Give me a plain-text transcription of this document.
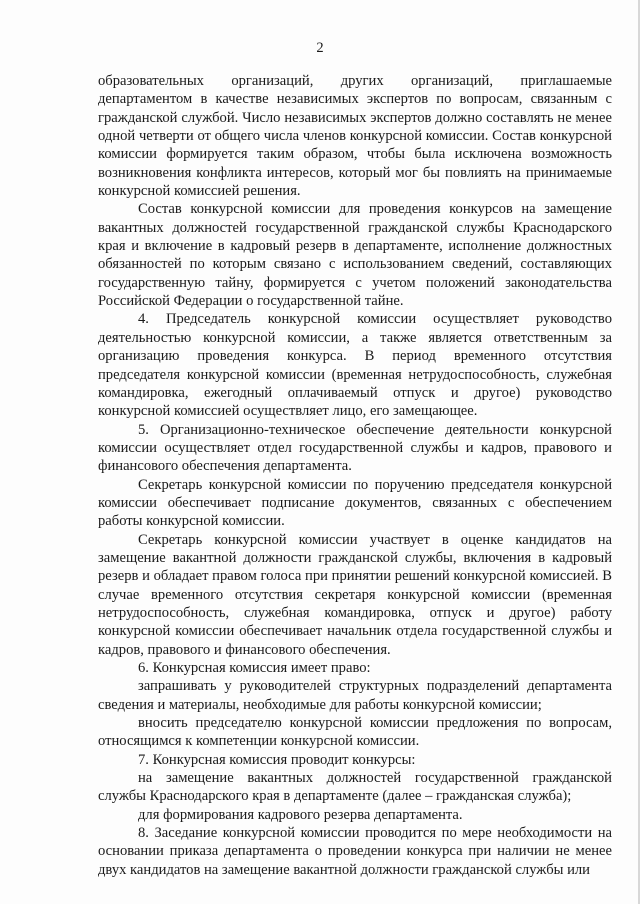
2

образовательных организаций, других организаций, приглашаемые департаментом в качестве независимых экспертов по вопросам, связанным с гражданской службой. Число независимых экспертов должно составлять не менее одной четверти от общего числа членов конкурсной комиссии. Состав конкурсной комиссии формируется таким образом, чтобы была исключена возможность возникновения конфликта интересов, который мог бы повлиять на принимаемые конкурсной комиссией решения.

Состав конкурсной комиссии для проведения конкурсов на замещение вакантных должностей государственной гражданской службы Краснодарского края и включение в кадровый резерв в департаменте, исполнение должностных обязанностей по которым связано с использованием сведений, составляющих государственную тайну, формируется с учетом положений законодательства Российской Федерации о государственной тайне.

4. Председатель конкурсной комиссии осуществляет руководство деятельностью конкурсной комиссии, а также является ответственным за организацию проведения конкурса. В период временного отсутствия председателя конкурсной комиссии (временная нетрудоспособность, служебная командировка, ежегодный оплачиваемый отпуск и другое) руководство конкурсной комиссией осуществляет лицо, его замещающее.

5. Организационно-техническое обеспечение деятельности конкурсной комиссии осуществляет отдел государственной службы и кадров, правового и финансового обеспечения департамента.

Секретарь конкурсной комиссии по поручению председателя конкурсной комиссии обеспечивает подписание документов, связанных с обеспечением работы конкурсной комиссии.

Секретарь конкурсной комиссии участвует в оценке кандидатов на замещение вакантной должности гражданской службы, включения в кадровый резерв и обладает правом голоса при принятии решений конкурсной комиссией. В случае временного отсутствия секретаря конкурсной комиссии (временная нетрудоспособность, служебная командировка, отпуск и другое) работу конкурсной комиссии обеспечивает начальник отдела государственной службы и кадров, правового и финансового обеспечения.

6. Конкурсная комиссия имеет право:

запрашивать у руководителей структурных подразделений департамента сведения и материалы, необходимые для работы конкурсной комиссии;

вносить председателю конкурсной комиссии предложения по вопросам, относящимся к компетенции конкурсной комиссии.

7. Конкурсная комиссия проводит конкурсы:

на замещение вакантных должностей государственной гражданской службы Краснодарского края в департаменте (далее – гражданская служба);

для формирования кадрового резерва департамента.

8. Заседание конкурсной комиссии проводится по мере необходимости на основании приказа департамента о проведении конкурса при наличии не менее двух кандидатов на замещение вакантной должности гражданской службы или
